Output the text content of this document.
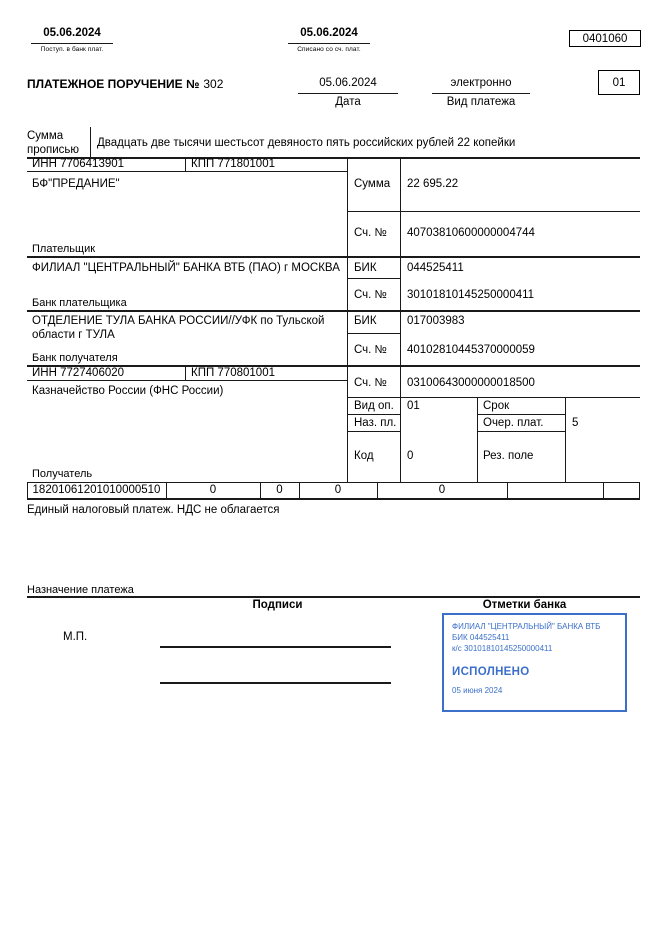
05.06.2024
Поступ. в банк плат.
05.06.2024
Списано со сч. плат.
0401060
ПЛАТЕЖНОЕ ПОРУЧЕНИЕ № 302	05.06.2024
Дата
электронно
Вид платежа
01
Сумма прописью
Двадцать две тысячи шестьсот девяносто пять российских рублей 22 копейки
ИНН 7706413901	КПП 771801001
БФ"ПРЕДАНИЕ"	Сумма 22 695.22
Сч. № 40703810600000004744
Плательщик
ФИЛИАЛ "ЦЕНТРАЛЬНЫЙ" БАНКА ВТБ (ПАО) г МОСКВА БИК	044525411
Сч. № 30101810145250000411
Банк плательщика
ОТДЕЛЕНИЕ ТУЛА БАНКА РОССИИ//УФК по Тульской области г ТУЛА
БИК	017003983
Сч. № 40102810445370000059
Банк получателя
ИНН 7727406020	КПП 770801001
Казначейство России (ФНС России)
Сч. № 03100643000000018500
Вид оп. 01	Срок
Наз. пл.	Очер. плат. 5
Код	0	Рез. поле
Получатель
18201061201010000510	0	0	0	0
Единый налоговый платеж. НДС не облагается
Назначение платежа
Подписи	Отметки банка
М.П.
ФИЛИАЛ "ЦЕНТРАЛЬНЫЙ" БАНКА ВТБ
БИК 044525411
к/с 30101810145250000411
ИСПОЛНЕНО
05 июня 2024
